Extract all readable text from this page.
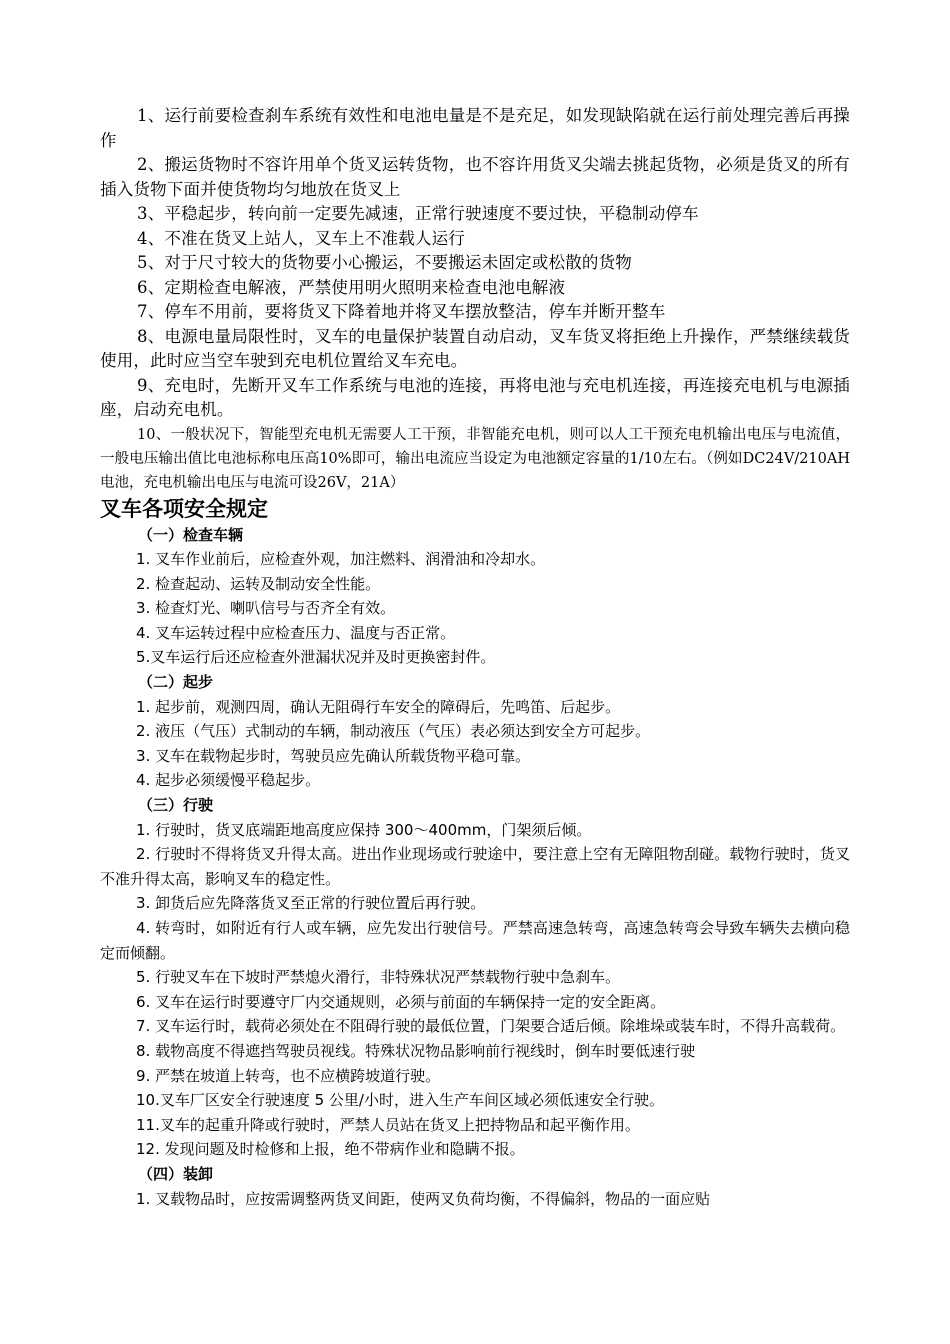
1、运行前要检查刹车系统有效性和电池电量是不是充足，如发现缺陷就在运行前处理完善后再操作

2、搬运货物时不容许用单个货叉运转货物，也不容许用货叉尖端去挑起货物，必须是货叉的所有插入货物下面并使货物均匀地放在货叉上

3、平稳起步，转向前一定要先减速，正常行驶速度不要过快，平稳制动停车

4、不准在货叉上站人，叉车上不准载人运行

5、对于尺寸较大的货物要小心搬运，不要搬运未固定或松散的货物

6、定期检查电解液，严禁使用明火照明来检查电池电解液

7、停车不用前，要将货叉下降着地并将叉车摆放整洁，停车并断开整车

8、电源电量局限性时，叉车的电量保护装置自动启动，叉车货叉将拒绝上升操作，严禁继续载货使用，此时应当空车驶到充电机位置给叉车充电。

9、充电时，先断开叉车工作系统与电池的连接，再将电池与充电机连接，再连接充电机与电源插座，启动充电机。

10、一般状况下，智能型充电机无需要人工干预，非智能充电机，则可以人工干预充电机输出电压与电流值，一般电压输出值比电池标称电压高10%即可，输出电流应当设定为电池额定容量的1/10左右。（例如DC24V/210AH电池，充电机输出电压与电流可设26V，21A）

叉车各项安全规定

（一）检查车辆

1. 叉车作业前后，应检查外观，加注燃料、润滑油和冷却水。

2. 检查起动、运转及制动安全性能。

3. 检查灯光、喇叭信号与否齐全有效。

4. 叉车运转过程中应检查压力、温度与否正常。

5.叉车运行后还应检查外泄漏状况并及时更换密封件。

（二）起步

1. 起步前，观测四周，确认无阻碍行车安全的障碍后，先鸣笛、后起步。

2. 液压（气压）式制动的车辆，制动液压（气压）表必须达到安全方可起步。

3. 叉车在载物起步时，驾驶员应先确认所载货物平稳可靠。

4. 起步必须缓慢平稳起步。

（三）行驶

1. 行驶时，货叉底端距地高度应保持 300～400mm，门架须后倾。

2. 行驶时不得将货叉升得太高。进出作业现场或行驶途中，要注意上空有无障阻物刮碰。载物行驶时，货叉不准升得太高，影响叉车的稳定性。

3. 卸货后应先降落货叉至正常的行驶位置后再行驶。

4. 转弯时，如附近有行人或车辆，应先发出行驶信号。严禁高速急转弯，高速急转弯会导致车辆失去横向稳定而倾翻。

5. 行驶叉车在下坡时严禁熄火滑行，非特殊状况严禁载物行驶中急刹车。

6. 叉车在运行时要遵守厂内交通规则，必须与前面的车辆保持一定的安全距离。

7. 叉车运行时，载荷必须处在不阻碍行驶的最低位置，门架要合适后倾。除堆垛或装车时，不得升高载荷。

8. 载物高度不得遮挡驾驶员视线。特殊状况物品影响前行视线时，倒车时要低速行驶

9. 严禁在坡道上转弯，也不应横跨坡道行驶。

10.叉车厂区安全行驶速度 5 公里/小时，进入生产车间区域必须低速安全行驶。

11.叉车的起重升降或行驶时，严禁人员站在货叉上把持物品和起平衡作用。

12. 发现问题及时检修和上报，绝不带病作业和隐瞒不报。

（四）装卸

1. 叉载物品时，应按需调整两货叉间距，使两叉负荷均衡，不得偏斜，物品的一面应贴
